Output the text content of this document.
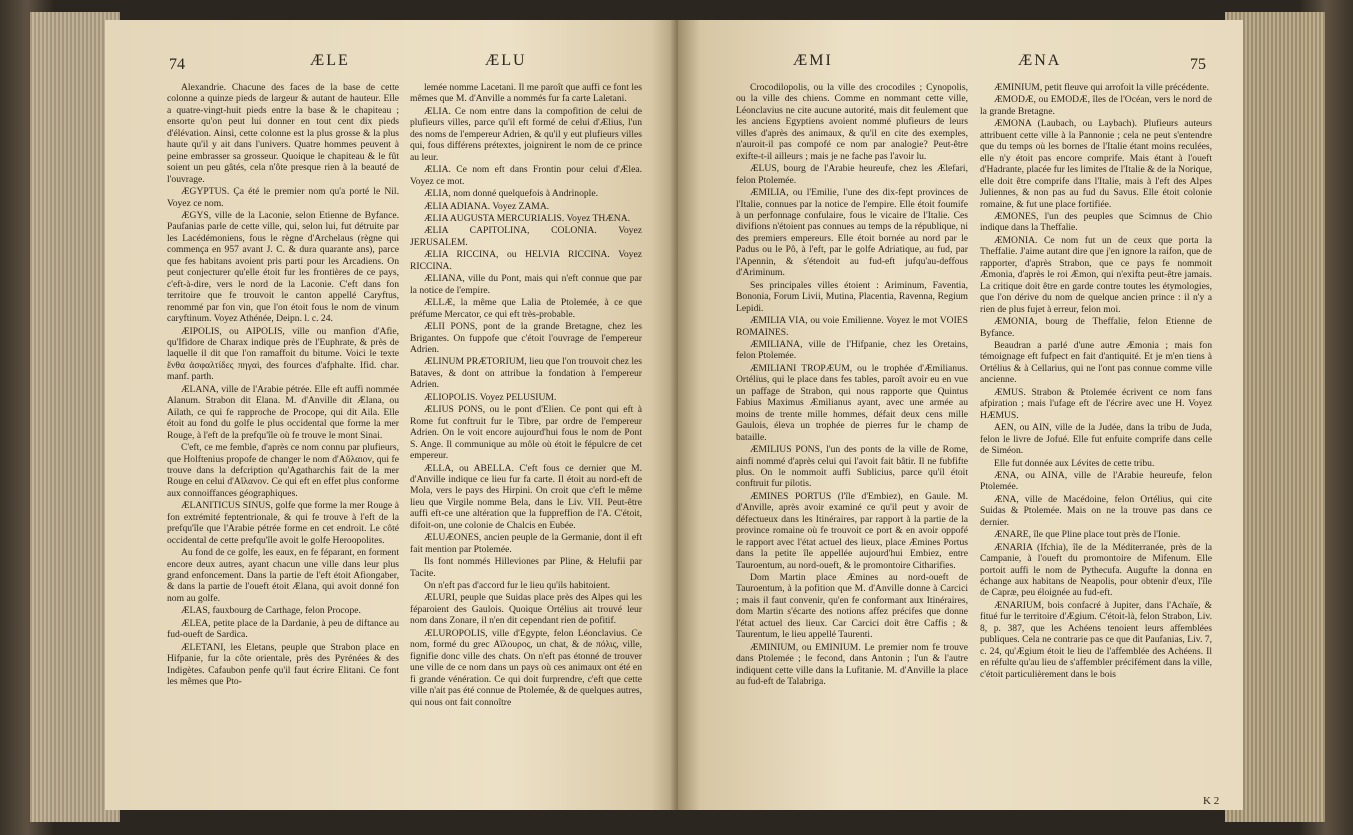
74	ÆLE	ÆLU

Alexandrie. Chacune des faces de la base de cette colonne a quinze pieds de largeur & autant de hauteur. Elle a quatre-vingt-huit pieds entre la base & le chapiteau ; ensorte qu'on peut lui donner en tout cent dix pieds d'élévation. Ainsi, cette colonne est la plus grosse & la plus haute qu'il y ait dans l'univers. Quatre hommes peuvent à peine embrasser sa grosseur. Quoique le chapiteau & le fût soient un peu gâtés, cela n'ôte presque rien à la beauté de l'ouvrage.

ÆGYPTUS. Ça été le premier nom qu'a porté le Nil. Voyez ce nom.

ÆGYS, ville de la Laconie, selon Etienne de Byfance. Paufanias parle de cette ville, qui, selon lui, fut détruite par les Lacédémoniens, fous le règne d'Archelaus (règne qui commença en 957 avant J. C. & dura quarante ans), parce que fes habitans avoient pris parti pour les Arcadiens. On peut conjecturer qu'elle étoit fur les frontières de ce pays, c'eft-à-dire, vers le nord de la Laconie. C'eft dans fon territoire que fe trouvoit le canton appellé Caryftus, renommé par fon vin, que l'on étoit fous le nom de vinum caryftinum. Voyez Athénée, Deipn. l. c. 24.

ÆIPOLIS, ou AIPOLIS, ville ou manfion d'Afie, qu'Ifidore de Charax indique près de l'Euphrate, & près de laquelle il dit que l'on ramaffoit du bitume. Voici le texte ἔνθα ἀσφαλτίδες πηγαὶ, des fources d'afphalte. Ifid. char. manf. parth.

ÆLANA, ville de l'Arabie pétrée. Elle eft auffi nommée Alanum. Strabon dit Elana. M. d'Anville dit Ælana, ou Ailath, ce qui fe rapproche de Procope, qui dit Aila. Elle étoit au fond du golfe le plus occidental que forme la mer Rouge, à l'eft de la prefqu'île où fe trouve le mont Sinai.

C'eft, ce me femble, d'après ce nom connu par plufieurs, que Holftenius propofe de changer le nom d'Αὔλαιον, qui fe trouve dans la defcription qu'Agatharchis fait de la mer Rouge en celui d'Αἴλανον. Ce qui eft en effet plus conforme aux connoiffances géographiques.

ÆLANITICUS SINUS, golfe que forme la mer Rouge à fon extrémité feptentrionale, & qui fe trouve à l'eft de la prefqu'île que l'Arabie pétrée forme en cet endroit. Le côté occidental de cette prefqu'île avoit le golfe Heroopolites.

Au fond de ce golfe, les eaux, en fe féparant, en forment encore deux autres, ayant chacun une ville dans leur plus grand enfoncement. Dans la partie de l'eft étoit Afiongaber, & dans la partie de l'oueft étoit Ælana, qui avoit donné fon nom au golfe.

ÆLAS, fauxbourg de Carthage, felon Procope.

ÆLEA, petite place de la Dardanie, à peu de diftance au fud-oueft de Sardica.

ÆLETANI, les Eletans, peuple que Strabon place en Hifpanie, fur la côte orientale, près des Pyrénées & des Indigètes. Cafaubon penfe qu'il faut écrire Elitani. Ce font les mêmes que Pto-

lemée nomme Lacetani. Il me paroît que auffi ce font les mêmes que M. d'Anville a nommés fur fa carte Laletani.

ÆLIA. Ce nom entre dans la compofition de celui de plufieurs villes, parce qu'il eft formé de celui d'Ælius, l'un des noms de l'empereur Adrien, & qu'il y eut plufieurs villes qui, fous différens prétextes, joignirent le nom de ce prince au leur.

ÆLIA. Ce nom eft dans Frontin pour celui d'Ælea. Voyez ce mot.

ÆLIA, nom donné quelquefois à Andrinople.

ÆLIA ADIANA. Voyez ZAMA.

ÆLIA AUGUSTA MERCURIALIS. Voyez THÆNA.

ÆLIA CAPITOLINA, COLONIA. Voyez JERUSALEM.

ÆLIA RICCINA, ou HELVIA RICCINA. Voyez RICCINA.

ÆLIANA, ville du Pont, mais qui n'eft connue que par la notice de l'empire.

ÆLLÆ, la même que Lalia de Ptolemée, à ce que préfume Mercator, ce qui eft très-probable.

ÆLII PONS, pont de la grande Bretagne, chez les Brigantes. On fuppofe que c'étoit l'ouvrage de l'empereur Adrien.

ÆLINUM PRÆTORIUM, lieu que l'on trouvoit chez les Bataves, & dont on attribue la fondation à l'empereur Adrien.

ÆLIOPOLIS. Voyez PELUSIUM.

ÆLIUS PONS, ou le pont d'Elien. Ce pont qui eft à Rome fut conftruit fur le Tibre, par ordre de l'empereur Adrien. On le voit encore aujourd'hui fous le nom de Pont S. Ange. Il communique au môle où étoit le fépulcre de cet empereur.

ÆLLA, ou ABELLA. C'eft fous ce dernier que M. d'Anville indique ce lieu fur fa carte. Il étoit au nord-eft de Mola, vers le pays des Hirpini. On croit que c'eft le même lieu que Virgile nomme Bela, dans le Liv. VII. Peut-être auffi eft-ce une altération que la fuppreffion de l'A. C'étoit, difoit-on, une colonie de Chalcis en Eubée.

ÆLUÆONES, ancien peuple de la Germanie, dont il eft fait mention par Ptolemée.

Ils font nommés Hilleviones par Pline, & Helufii par Tacite.

On n'eft pas d'accord fur le lieu qu'ils habitoient.

ÆLURI, peuple que Suidas place près des Alpes qui les féparoient des Gaulois. Quoique Ortélius ait trouvé leur nom dans Zonare, il n'en dit cependant rien de pofitif.

ÆLUROPOLIS, ville d'Egypte, felon Léonclavius. Ce nom, formé du grec Αἴλουρος, un chat, & de πόλις, ville, fignifie donc ville des chats. On n'eft pas étonné de trouver une ville de ce nom dans un pays où ces animaux ont été en fi grande vénération. Ce qui doit furprendre, c'eft que cette ville n'ait pas été connue de Ptolemée, & de quelques autres, qui nous ont fait connoître

ÆMI	ÆNA	75

Crocodilopolis, ou la ville des crocodiles ; Cynopolis, ou la ville des chiens. Comme en nommant cette ville, Léonclavius ne cite aucune autorité, mais dit feulement que les anciens Egyptiens avoient nommé plufieurs de leurs villes d'après des animaux, & qu'il en cite des exemples, n'auroit-il pas compofé ce nom par analogie? Peut-être exifte-t-il ailleurs ; mais je ne fache pas l'avoir lu.

ÆLUS, bourg de l'Arabie heureufe, chez les Ælefari, felon Ptolemée.

ÆMILIA, ou l'Emilie, l'une des dix-fept provinces de l'Italie, connues par la notice de l'empire. Elle étoit foumife à un perfonnage confulaire, fous le vicaire de l'Italie. Ces divifions n'étoient pas connues au temps de la république, ni des premiers empereurs. Elle étoit bornée au nord par le Padus ou le Pô, à l'eft, par le golfe Adriatique, au fud, par l'Apennin, & s'étendoit au fud-eft jufqu'au-deffous d'Ariminum.

Ses principales villes étoient : Ariminum, Faventia, Bononia, Forum Livii, Mutina, Placentia, Ravenna, Regium Lepidi.

ÆMILIA VIA, ou voie Emilienne. Voyez le mot VOIES ROMAINES.

ÆMILIANA, ville de l'Hifpanie, chez les Oretains, felon Ptolemée.

ÆMILIANI TROPÆUM, ou le trophée d'Æmilianus. Ortélius, qui le place dans fes tables, paroît avoir eu en vue un paffage de Strabon, qui nous rapporte que Quintus Fabius Maximus Æmilianus ayant, avec une armée au moins de trente mille hommes, défait deux cens mille Gaulois, éleva un trophée de pierres fur le champ de bataille.

ÆMILIUS PONS, l'un des ponts de la ville de Rome, ainfi nommé d'après celui qui l'avoit fait bâtir. Il ne fubfifte plus. On le nommoit auffi Sublicius, parce qu'il étoit conftruit fur pilotis.

ÆMINES PORTUS (l'île d'Embiez), en Gaule. M. d'Anville, après avoir examiné ce qu'il peut y avoir de défectueux dans les Itinéraires, par rapport à la partie de la province romaine où fe trouvoit ce port & en avoir oppofé le rapport avec l'état actuel des lieux, place Æmines Portus dans la petite île appellée aujourd'hui Embiez, entre Tauroentum, au nord-oueft, & le promontoire Citharifies.

Dom Martin place Æmines au nord-oueft de Tauroentum, à la pofition que M. d'Anville donne à Carcici ; mais il faut convenir, qu'en fe conformant aux Itinéraires, dom Martin s'écarte des notions affez précifes que donne l'état actuel des lieux. Car Carcici doit être Caffis ; & Taurentum, le lieu appellé Taurenti.

ÆMINIUM, ou EMINIUM. Le premier nom fe trouve dans Ptolemée ; le fecond, dans Antonin ; l'un & l'autre indiquent cette ville dans la Lufitanie. M. d'Anville la place au fud-eft de Talabriga.

ÆMINIUM, petit fleuve qui arrofoit la ville précédente.

ÆMODÆ, ou EMODÆ, îles de l'Océan, vers le nord de la grande Bretagne.

ÆMONA (Laubach, ou Laybach). Plufieurs auteurs attribuent cette ville à la Pannonie ; cela ne peut s'entendre que du temps où les bornes de l'Italie étant moins reculées, elle n'y étoit pas encore comprife. Mais étant à l'oueft d'Hadrante, placée fur les limites de l'Italie & de la Norique, elle doit être comprife dans l'Italie, mais à l'eft des Alpes Juliennes, & non pas au fud du Savus. Elle étoit colonie romaine, & fut une place fortifiée.

ÆMONES, l'un des peuples que Scimnus de Chio indique dans la Theffalie.

ÆMONIA. Ce nom fut un de ceux que porta la Theffalie. J'aime autant dire que j'en ignore la raifon, que de rapporter, d'après Strabon, que ce pays fe nommoit Æmonia, d'après le roi Æmon, qui n'exifta peut-être jamais. La critique doit être en garde contre toutes les étymologies, que l'on dérive du nom de quelque ancien prince : il n'y a rien de plus fujet à erreur, felon moi.

ÆMONIA, bourg de Theffalie, felon Etienne de Byfance.

Beaudran a parlé d'une autre Æmonia ; mais fon témoignage eft fufpect en fait d'antiquité. Et je m'en tiens à Ortélius & à Cellarius, qui ne l'ont pas connue comme ville ancienne.

ÆMUS. Strabon & Ptolemée écrivent ce nom fans afpiration ; mais l'ufage eft de l'écrire avec une H. Voyez HÆMUS.

AEN, ou AIN, ville de la Judée, dans la tribu de Juda, felon le livre de Jofué. Elle fut enfuite comprife dans celle de Siméon.

Elle fut donnée aux Lévites de cette tribu.

ÆNA, ou AINA, ville de l'Arabie heureufe, felon Ptolemée.

ÆNA, ville de Macédoine, felon Ortélius, qui cite Suidas & Ptolemée. Mais on ne la trouve pas dans ce dernier.

ÆNARE, île que Pline place tout près de l'Ionie.

ÆNARIA (Ifchia), île de la Méditerranée, près de la Campanie, à l'oueft du promontoire de Mifenum. Elle portoit auffi le nom de Pythecufa. Augufte la donna en échange aux habitans de Neapolis, pour obtenir d'eux, l'île de Capræ, peu éloignée au fud-eft.

ÆNARIUM, bois confacré à Jupiter, dans l'Achaïe, & fitué fur le territoire d'Ægium. C'étoit-là, felon Strabon, Liv. 8, p. 387, que les Achéens tenoient leurs affemblées publiques. Cela ne contrarie pas ce que dit Paufanias, Liv. 7, c. 24, qu'Ægium étoit le lieu de l'affemblée des Achéens. Il en réfulte qu'au lieu de s'affembler précifément dans la ville, c'étoit particulièrement dans le bois

K 2
